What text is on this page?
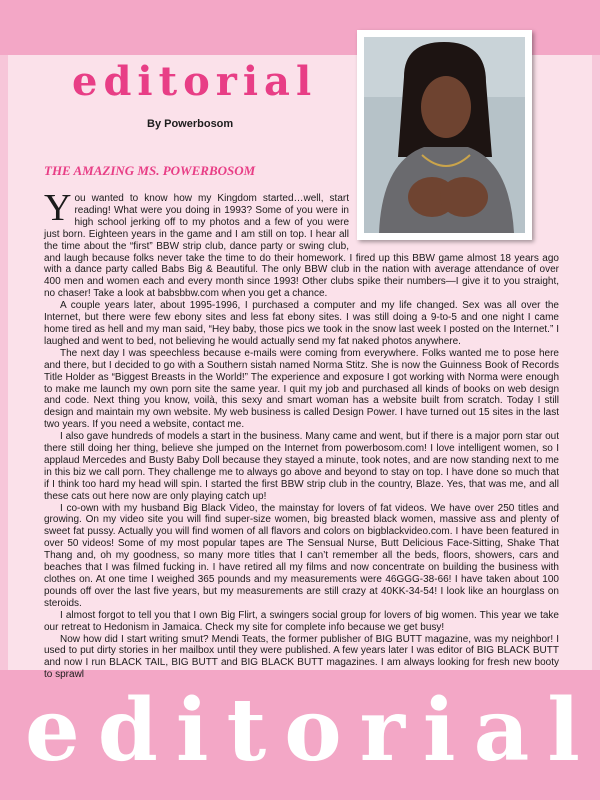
editorial
By Powerbosom
THE AMAZING MS. POWERBOSOM

You wanted to know how my Kingdom started…well, start reading! What were you doing in 1993? Some of you were in high school jerking off to my photos and a few of you were just born. Eighteen years in the game and I am still on top. I hear all the time about the “first” BBW strip club, dance party or swing club, and laugh because folks never take the time to do their homework. I fired up this BBW game almost 18 years ago with a dance party called Babs Big & Beautiful. The only BBW club in the nation with average attendance of over 400 men and women each and every month since 1993! Other clubs spike their numbers—I give it to you straight, no chaser! Take a look at babsbbw.com when you get a chance.

A couple years later, about 1995-1996, I purchased a computer and my life changed. Sex was all over the Internet, but there were few ebony sites and less fat ebony sites. I was still doing a 9-to-5 and one night I came home tired as hell and my man said, “Hey baby, those pics we took in the snow last week I posted on the Internet.” I laughed and went to bed, not believing he would actually send my fat naked photos anywhere.

The next day I was speechless because e-mails were coming from everywhere. Folks wanted me to pose here and there, but I decided to go with a Southern sistah named Norma Stitz. She is now the Guinness Book of Records Title Holder as “Biggest Breasts in the World!” The experience and exposure I got working with Norma were enough to make me launch my own porn site the same year. I quit my job and purchased all kinds of books on web design and code. Next thing you know, voilà, this sexy and smart woman has a website built from scratch. Today I still design and maintain my own website. My web business is called Design Power. I have turned out 15 sites in the last two years. If you need a website, contact me.

I also gave hundreds of models a start in the business. Many came and went, but if there is a major porn star out there still doing her thing, believe she jumped on the Internet from powerbosom.com! I love intelligent women, so I applaud Mercedes and Busty Baby Doll because they stayed a minute, took notes, and are now standing next to me in this biz we call porn. They challenge me to always go above and beyond to stay on top. I have done so much that if I think too hard my head will spin. I started the first BBW strip club in the country, Blaze. Yes, that was me, and all these cats out here now are only playing catch up!

I co-own with my husband Big Black Video, the mainstay for lovers of fat videos. We have over 250 titles and growing. On my video site you will find super-size women, big breasted black women, massive ass and plenty of sweet fat pussy. Actually you will find women of all flavors and colors on bigblackvideo.com. I have been featured in over 50 videos! Some of my most popular tapes are The Sensual Nurse, Butt Delicious Face-Sitting, Shake That Thang and, oh my goodness, so many more titles that I can’t remember all the beds, floors, showers, cars and beaches that I was filmed fucking in. I have retired all my films and now concentrate on building the business with clothes on. At one time I weighed 365 pounds and my measurements were 46GGG-38-66! I have taken about 100 pounds off over the last five years, but my measurements are still crazy at 40KK-34-54! I look like an hourglass on steroids.

I almost forgot to tell you that I own Big Flirt, a swingers social group for lovers of big women. This year we take our retreat to Hedonism in Jamaica. Check my site for complete info because we get busy!

Now how did I start writing smut? Mendi Teats, the former publisher of BIG BUTT magazine, was my neighbor! I used to put dirty stories in her mailbox until they were published. A few years later I was editor of BIG BLACK BUTT and now I run BLACK TAIL, BIG BUTT and BIG BLACK BUTT magazines. I am always looking for fresh new booty to sprawl

editorial
